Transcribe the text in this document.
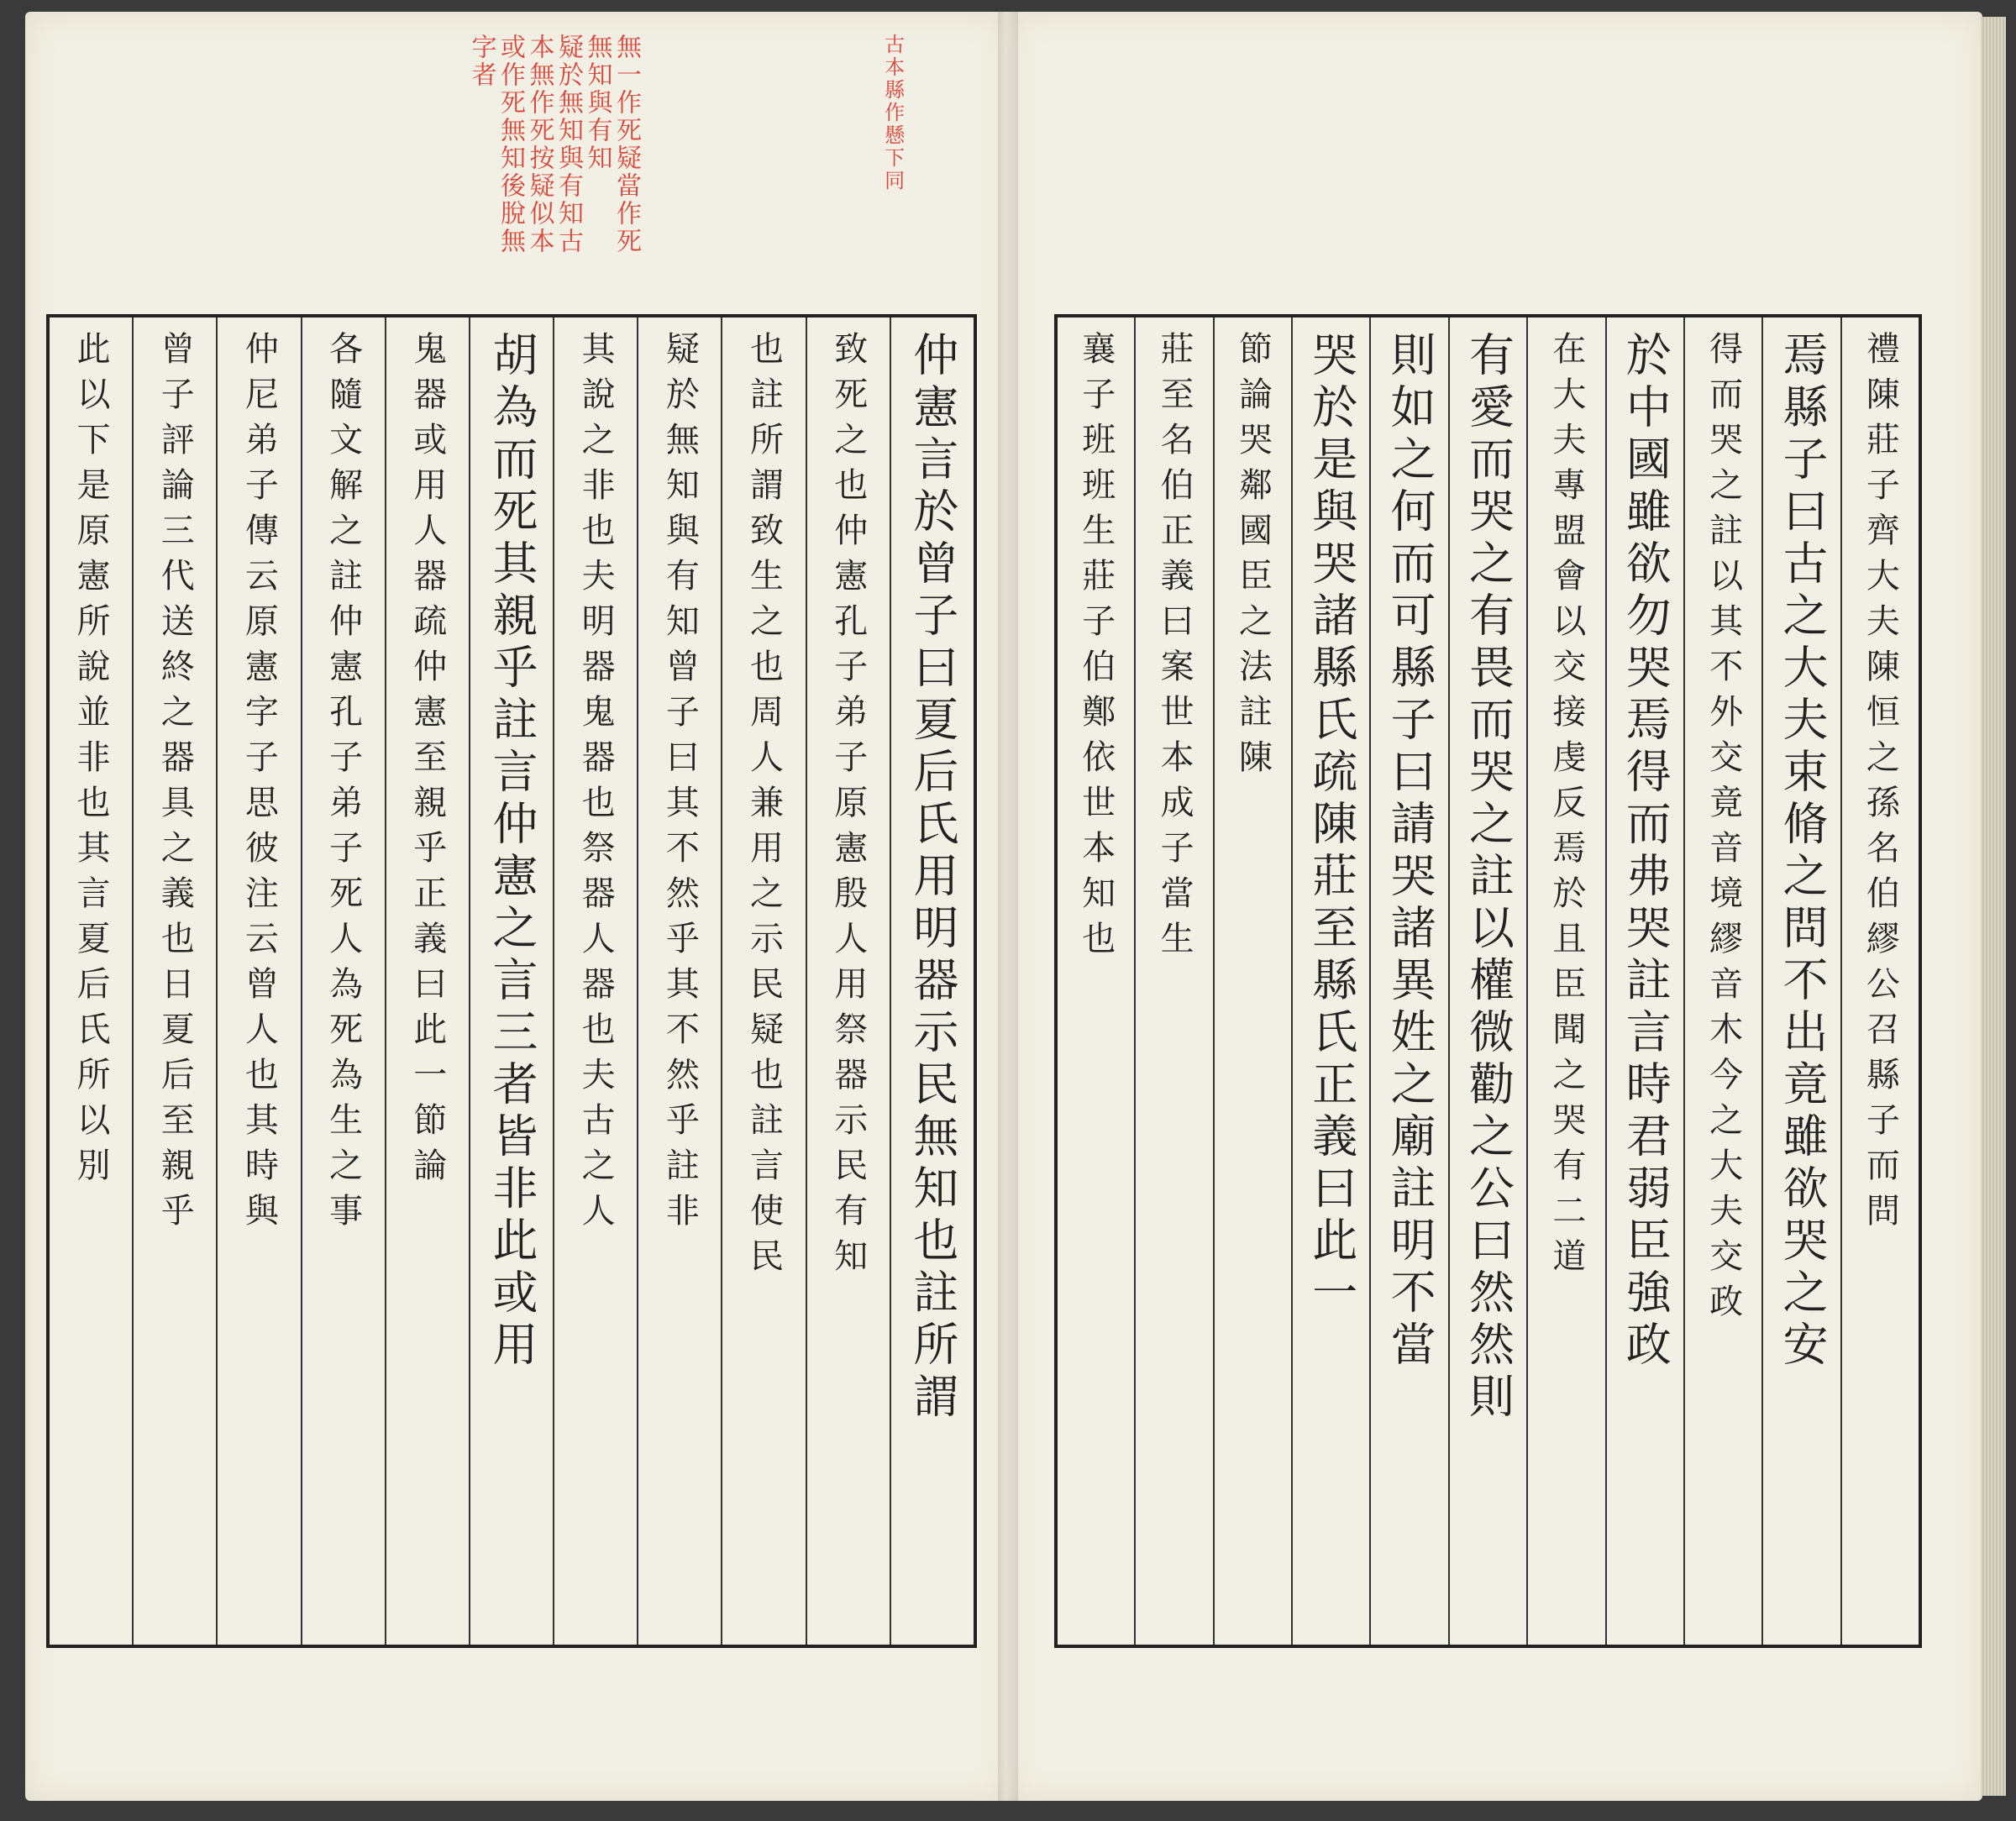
仲憲言於曾子曰夏后氏用明器示民無知也註所謂
致死之也仲憲孔子弟子原憲殷人用祭器示民有知
也註所謂致生之也周人兼用之示民疑也註言使民
疑於無知與有知曾子曰其不然乎其不然乎註非
其說之非也夫明器鬼器也祭器人器也夫古之人
胡為而死其親乎註言仲憲之言三者皆非此或用
鬼器或用人器疏仲憲至親乎正義曰此一節論
各隨文解之註仲憲孔子弟子死人為死為生之事
仲尼弟子傳云原憲字子思彼注云曾人也其時與
曾子評論三代送終之器具之義也日夏后至親乎
此以下是原憲所說並非也其言夏后氏所以別	禮陳莊子齊大夫陳恒之孫名伯繆公召縣子而問
焉縣子曰古之大夫束脩之問不出竟雖欲哭之安
得而哭之註以其不外交竟音境繆音木今之大夫交政
於中國雖欲勿哭焉得而弗哭註言時君弱臣強政
在大夫專盟會以交接虔反焉於且臣聞之哭有二道
有愛而哭之有畏而哭之註以權微勸之公曰然然則
則如之何而可縣子曰請哭諸異姓之廟註明不當
哭於是與哭諸縣氏疏陳莊至縣氏正義曰此一
節論哭鄰國臣之法註陳
莊至名伯正義曰案世本成子當生
襄子班班生莊子伯鄭依世本知也
無一作死疑當作死
無知與有知
疑於無知與有知古
本無作死按疑似本
或作死無知後脫無
字者	古本縣作懸下同
